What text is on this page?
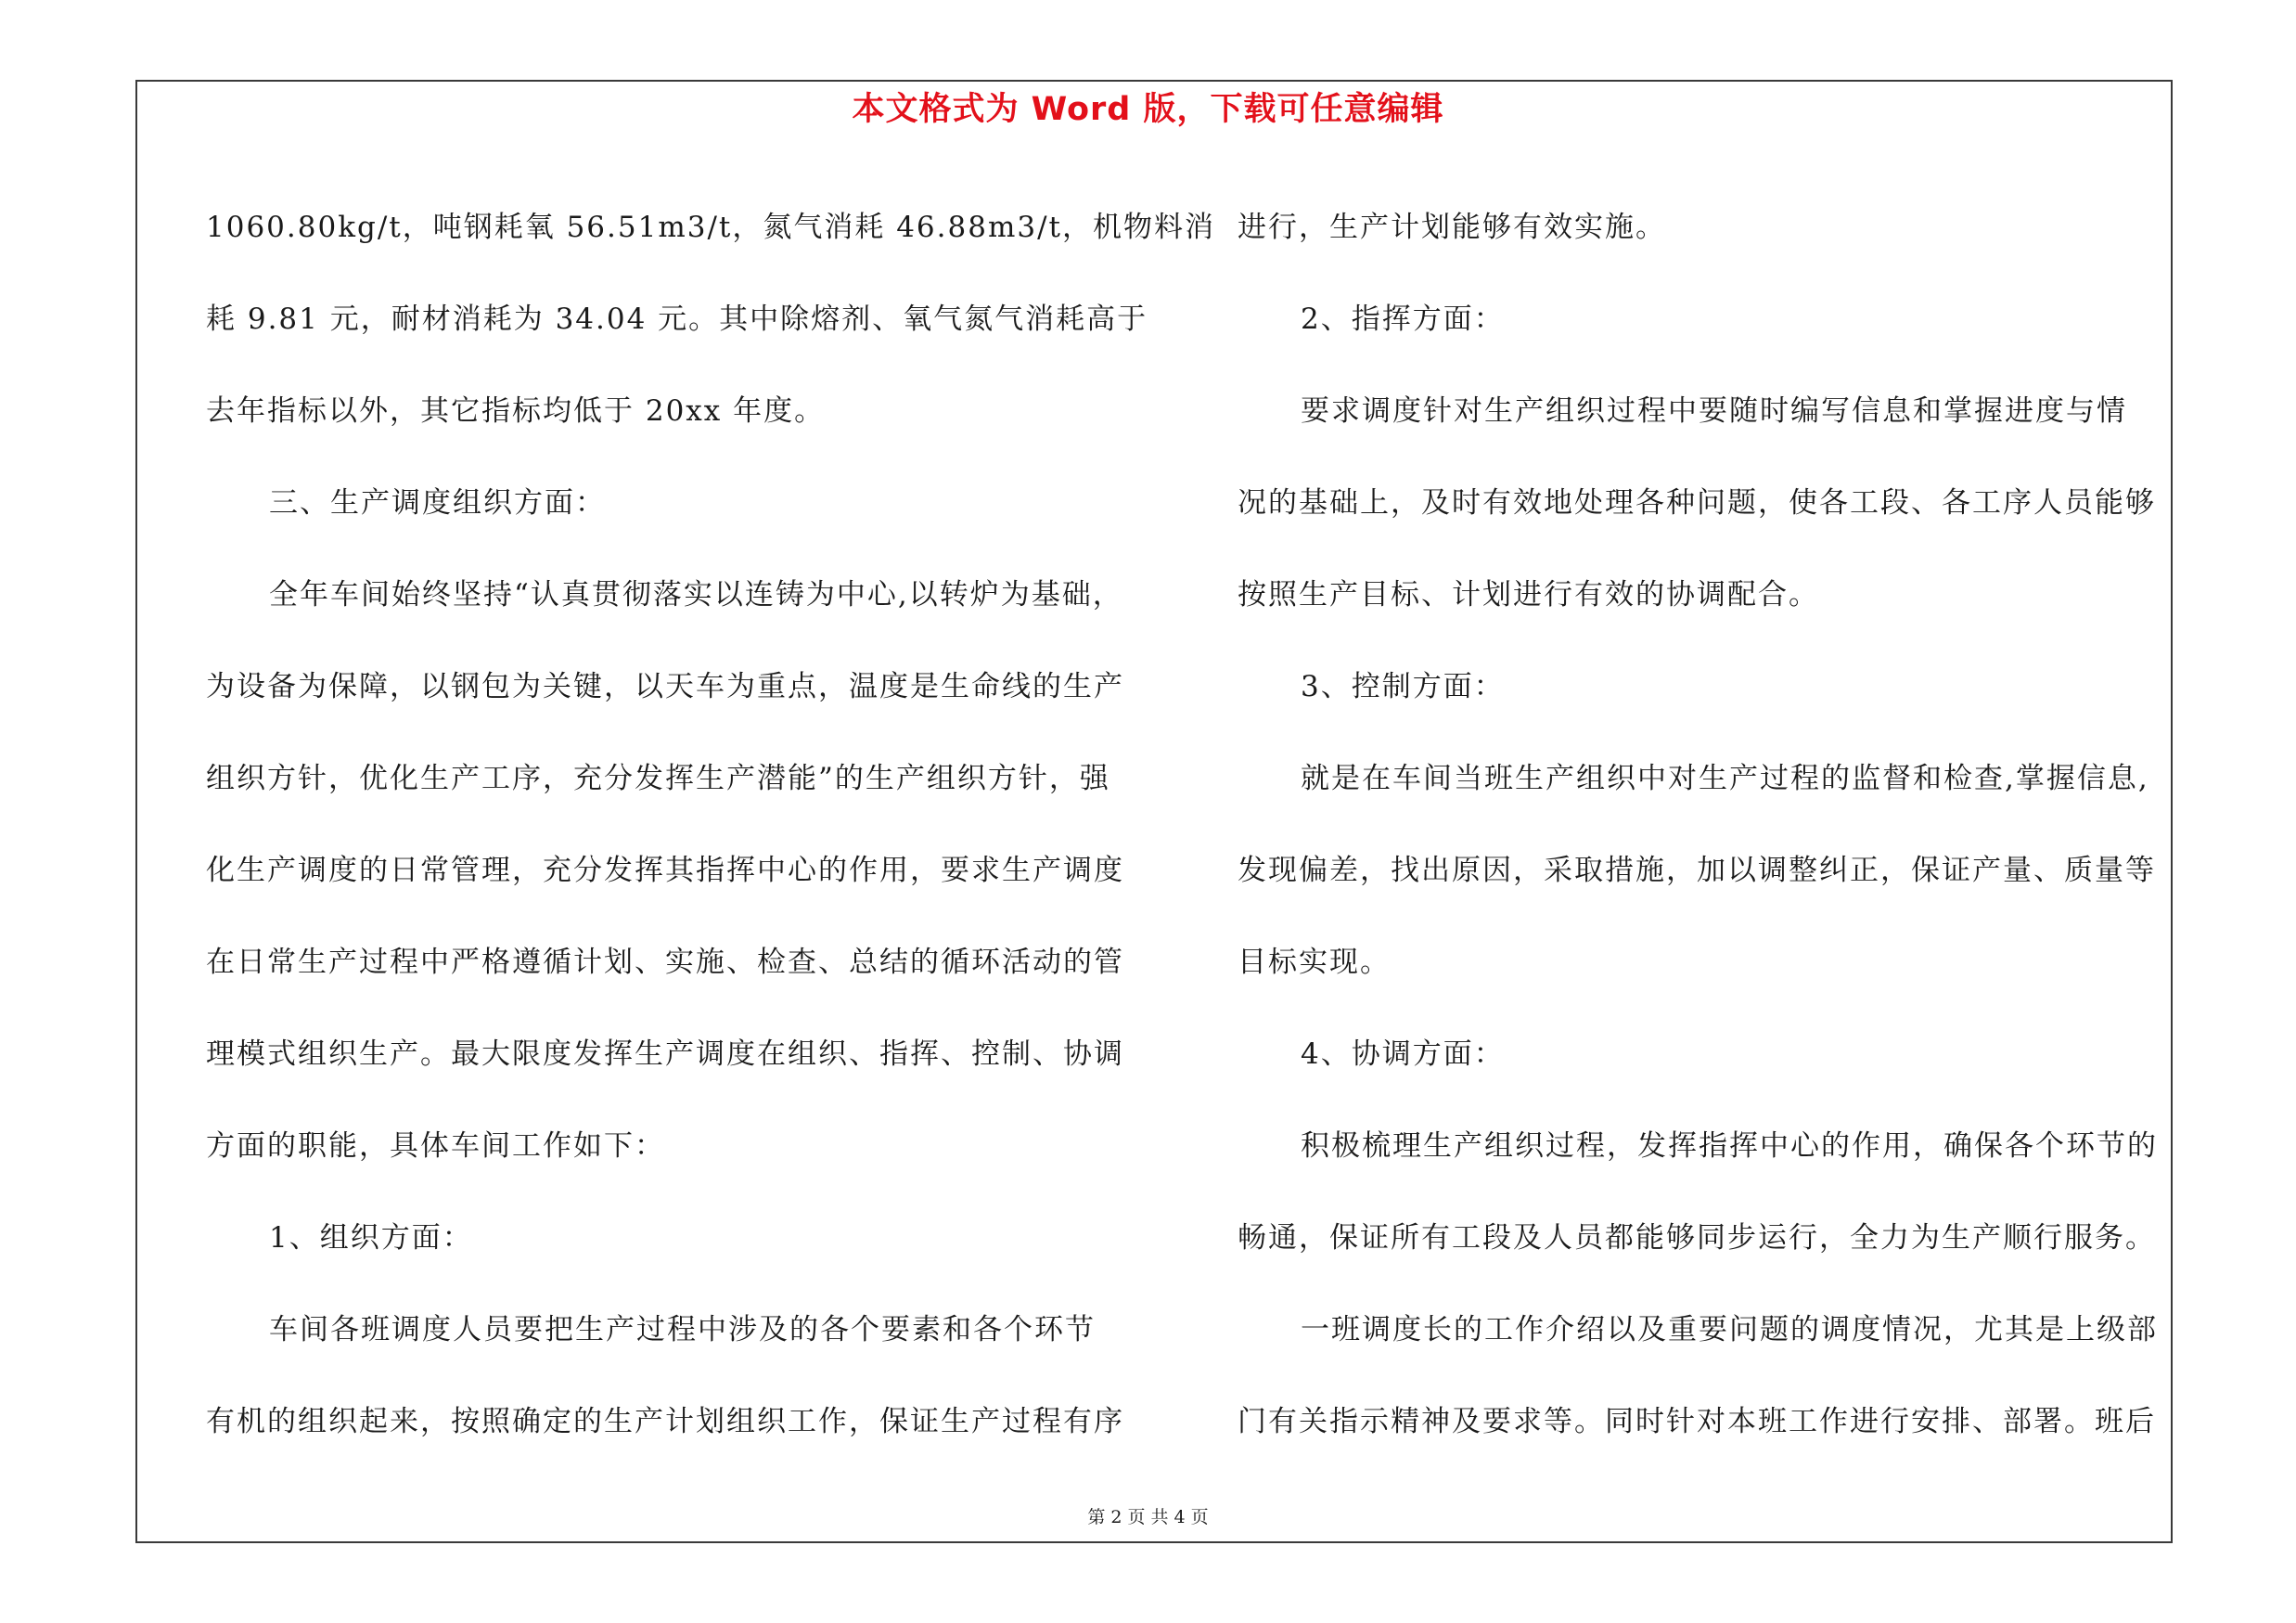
本文格式为 Word 版，下载可任意编辑
1060.80kg/t，吨钢耗氧 56.51m3/t，氮气消耗 46.88m3/t，机物料消
耗 9.81 元，耐材消耗为 34.04 元。其中除熔剂、氧气氮气消耗高于
去年指标以外，其它指标均低于 20xx 年度。
三、生产调度组织方面：
全年车间始终坚持“认真贯彻落实以连铸为中心,以转炉为基础，
为设备为保障，以钢包为关键，以天车为重点，温度是生命线的生产
组织方针，优化生产工序，充分发挥生产潜能”的生产组织方针，强
化生产调度的日常管理，充分发挥其指挥中心的作用，要求生产调度
在日常生产过程中严格遵循计划、实施、检查、总结的循环活动的管
理模式组织生产。最大限度发挥生产调度在组织、指挥、控制、协调
方面的职能，具体车间工作如下：
1、组织方面：
车间各班调度人员要把生产过程中涉及的各个要素和各个环节
有机的组织起来，按照确定的生产计划组织工作，保证生产过程有序
进行，生产计划能够有效实施。
2、指挥方面：
要求调度针对生产组织过程中要随时编写信息和掌握进度与情
况的基础上，及时有效地处理各种问题，使各工段、各工序人员能够
按照生产目标、计划进行有效的协调配合。
3、控制方面：
就是在车间当班生产组织中对生产过程的监督和检查,掌握信息,
发现偏差，找出原因，采取措施，加以调整纠正，保证产量、质量等
目标实现。
4、协调方面：
积极梳理生产组织过程，发挥指挥中心的作用，确保各个环节的
畅通，保证所有工段及人员都能够同步运行，全力为生产顺行服务。
一班调度长的工作介绍以及重要问题的调度情况，尤其是上级部
门有关指示精神及要求等。同时针对本班工作进行安排、部署。班后
第 2 页 共 4 页
